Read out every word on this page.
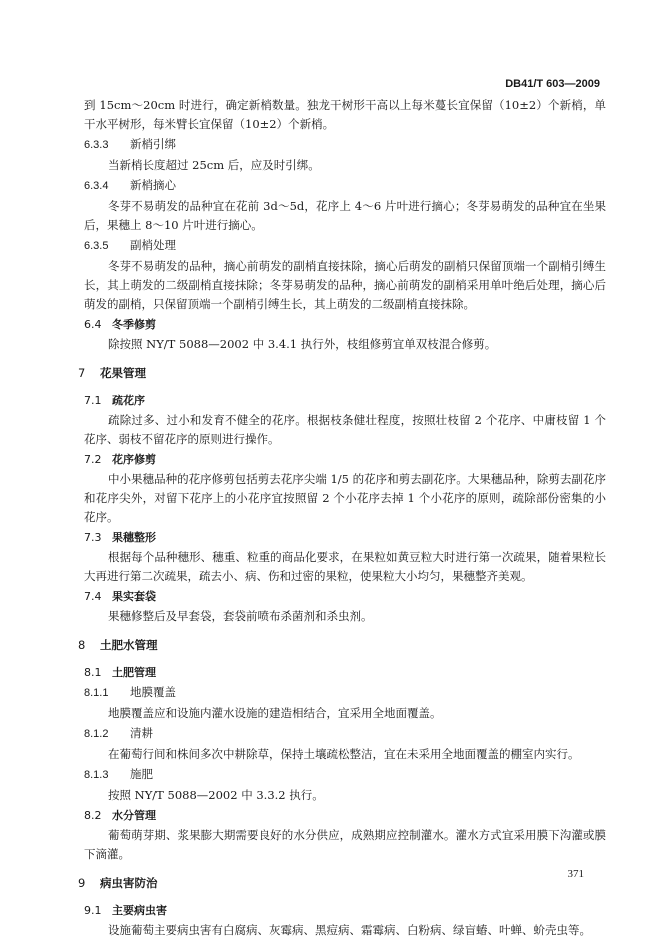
DB41/T 603—2009
到 15cm～20cm 时进行，确定新梢数量。独龙干树形干高以上每米蔓长宜保留（10±2）个新梢，单干水平树形，每米臂长宜保留（10±2）个新梢。
6.3.3 新梢引绑
当新梢长度超过 25cm 后，应及时引绑。
6.3.4 新梢摘心
冬芽不易萌发的品种宜在花前 3d～5d，花序上 4～6 片叶进行摘心；冬芽易萌发的品种宜在坐果后，果穗上 8～10 片叶进行摘心。
6.3.5 副梢处理
冬芽不易萌发的品种，摘心前萌发的副梢直接抹除，摘心后萌发的副梢只保留顶端一个副梢引缚生长，其上萌发的二级副梢直接抹除；冬芽易萌发的品种，摘心前萌发的副梢采用单叶绝后处理，摘心后萌发的副梢，只保留顶端一个副梢引缚生长，其上萌发的二级副梢直接抹除。
6.4 冬季修剪
除按照 NY/T 5088—2002 中 3.4.1 执行外，枝组修剪宜单双枝混合修剪。
7 花果管理
7.1 疏花序
疏除过多、过小和发育不健全的花序。根据枝条健壮程度，按照壮枝留 2 个花序、中庸枝留 1 个花序、弱枝不留花序的原则进行操作。
7.2 花序修剪
中小果穗品种的花序修剪包括剪去花序尖端 1/5 的花序和剪去副花序。大果穗品种，除剪去副花序和花序尖外，对留下花序上的小花序宜按照留 2 个小花序去掉 1 个小花序的原则，疏除部份密集的小花序。
7.3 果穗整形
根据每个品种穗形、穗重、粒重的商品化要求，在果粒如黄豆粒大时进行第一次疏果，随着果粒长大再进行第二次疏果，疏去小、病、伤和过密的果粒，使果粒大小均匀，果穗整齐美观。
7.4 果实套袋
果穗修整后及早套袋，套袋前喷布杀菌剂和杀虫剂。
8 土肥水管理
8.1 土肥管理
8.1.1 地膜覆盖
地膜覆盖应和设施内灌水设施的建造相结合，宜采用全地面覆盖。
8.1.2 清耕
在葡萄行间和株间多次中耕除草，保持土壤疏松整洁，宜在未采用全地面覆盖的棚室内实行。
8.1.3 施肥
按照 NY/T 5088—2002 中 3.3.2 执行。
8.2 水分管理
葡萄萌芽期、浆果膨大期需要良好的水分供应，成熟期应控制灌水。灌水方式宜采用膜下沟灌或膜下滴灌。
9 病虫害防治
9.1 主要病虫害
设施葡萄主要病虫害有白腐病、灰霉病、黑痘病、霜霉病、白粉病、绿盲蝽、叶蝉、蚧壳虫等。
371
